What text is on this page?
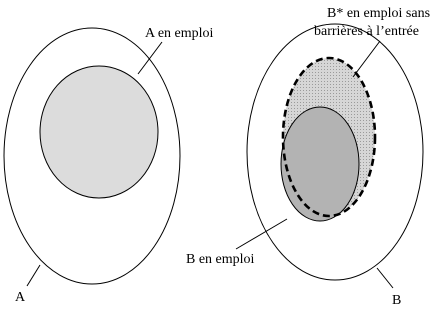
A en emploi
A
B en emploi
B
B* en emploi sans
barrières à l’entrée
